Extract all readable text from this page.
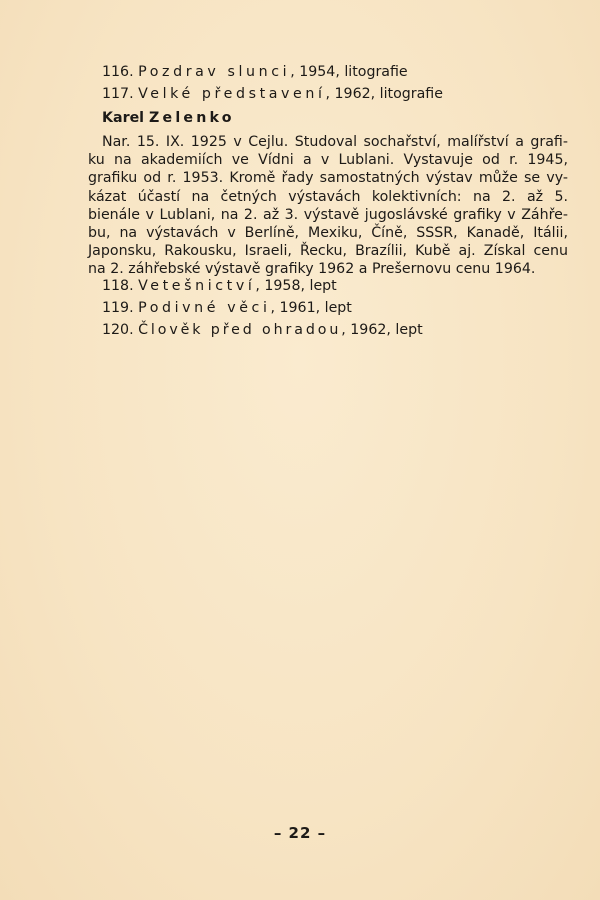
116. Pozdrav slunci, 1954, litografie
117. Velké představení, 1962, litografie
Karel Zelenko
Nar. 15. IX. 1925 v Cejlu. Studoval sochařství, malířství a grafi-
ku na akademiích ve Vídni a v Lublani. Vystavuje od r. 1945,
grafiku od r. 1953. Kromě řady samostatných výstav může se vy-
kázat účastí na četných výstavách kolektivních: na 2. až 5.
bienále v Lublani, na 2. až 3. výstavě jugoslávské grafiky v Záhře-
bu, na výstavách v Berlíně, Mexiku, Číně, SSSR, Kanadě, Itálii,
Japonsku, Rakousku, Israeli, Řecku, Brazílii, Kubě aj. Získal cenu
na 2. záhřebské výstavě grafiky 1962 a Prešernovu cenu 1964.
118. Vetešnictví, 1958, lept
119. Podivné věci, 1961, lept
120. Člověk před ohradou, 1962, lept
– 22 –
